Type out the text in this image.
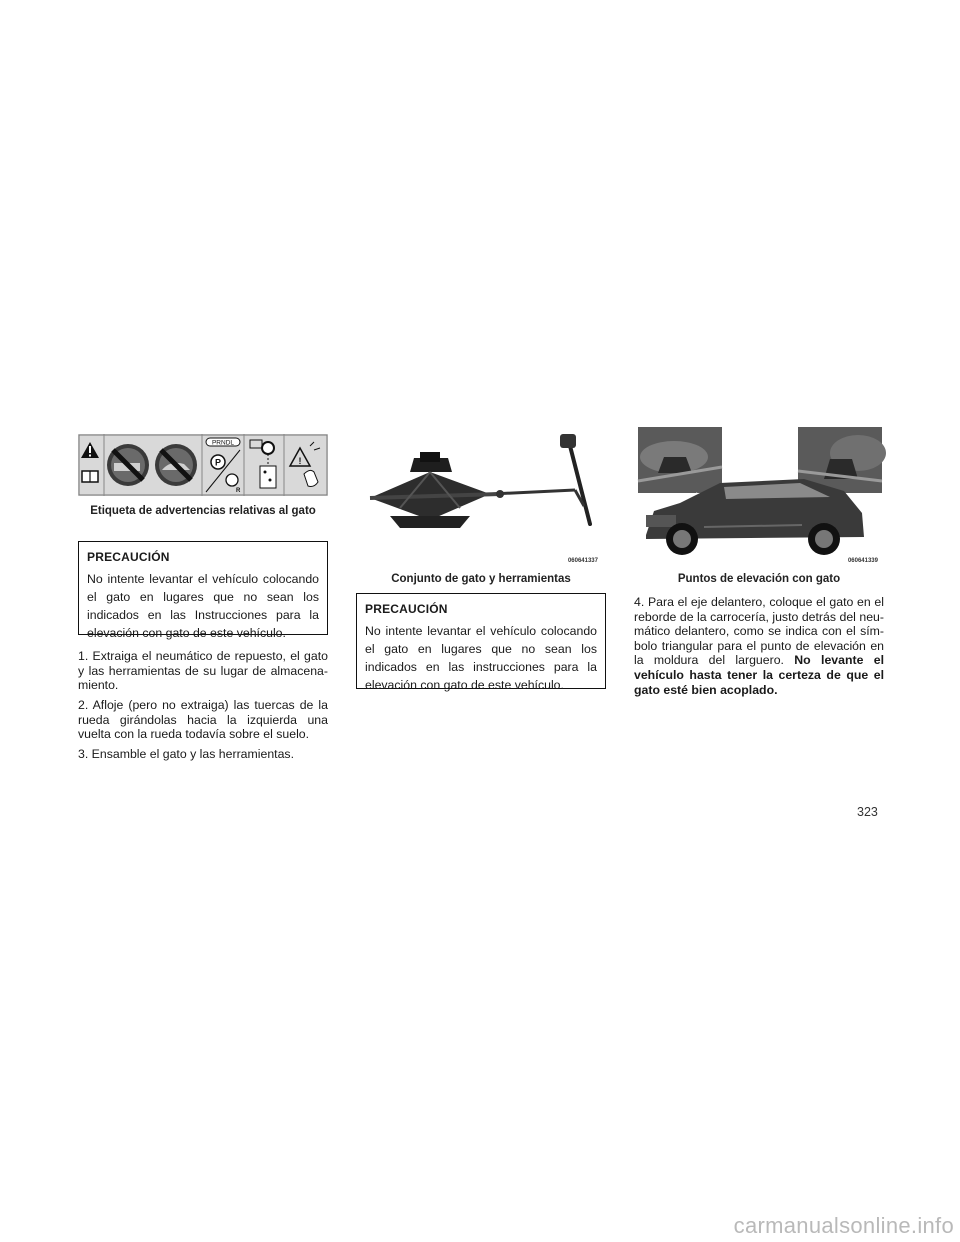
PRNDL
P
R
!
Etiqueta de advertencias relativas al gato
PRECAUCIÓN
No intente levantar el vehículo colocando el gato en lugares que no sean los indicados en las Instrucciones para la elevación con gato de este vehículo.
1. Extraiga el neumático de repuesto, el gato y las herramientas de su lugar de almacena-miento.
2. Afloje (pero no extraiga) las tuercas de la rueda girándolas hacia la izquierda una vuelta con la rueda todavía sobre el suelo.
3. Ensamble el gato y las herramientas.
060641337
Conjunto de gato y herramientas
PRECAUCIÓN
No intente levantar el vehículo colocando el gato en lugares que no sean los indicados en las instrucciones para la elevación con gato de este vehículo.
060641339
Puntos de elevación con gato
4. Para el eje delantero, coloque el gato en el reborde de la carrocería, justo detrás del neu-mático delantero, como se indica con el sím-bolo triangular para el punto de elevación en la moldura del larguero. No levante el vehículo hasta tener la certeza de que el gato esté bien acoplado.
323
carmanualsonline.info
